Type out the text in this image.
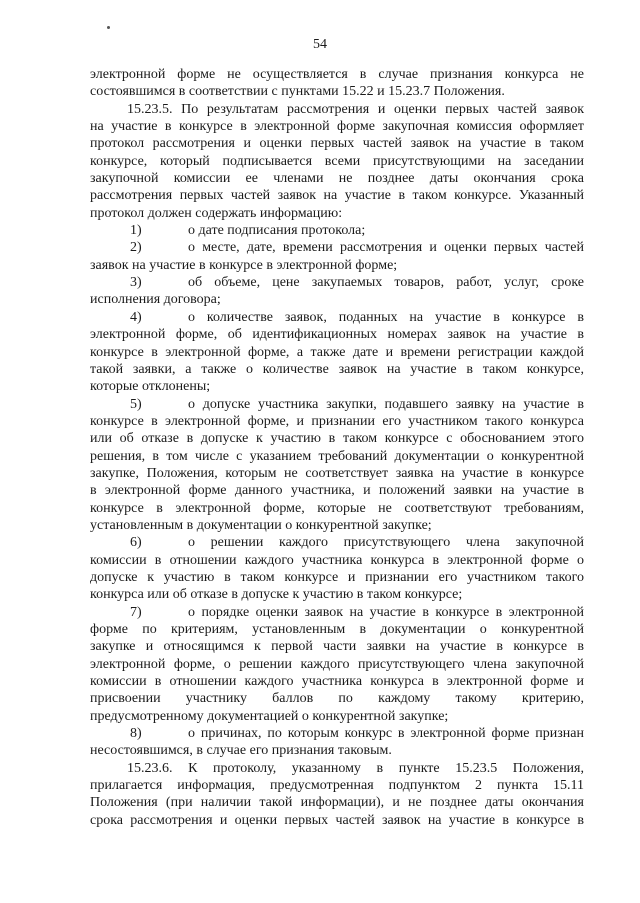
54
электронной форме не осуществляется в случае признания конкурса не
состоявшимся в соответствии с пунктами 15.22 и 15.23.7 Положения.
15.23.5. По результатам рассмотрения и оценки первых частей заявок
на участие в конкурсе в электронной форме закупочная комиссия оформляет
протокол рассмотрения и оценки первых частей заявок на участие в таком
конкурсе, который подписывается всеми присутствующими на заседании
закупочной комиссии ее членами не позднее даты окончания срока
рассмотрения первых частей заявок на участие в таком конкурсе. Указанный
протокол должен содержать информацию:
1)	о дате подписания протокола;
2)	о месте, дате, времени рассмотрения и оценки первых частей
заявок на участие в конкурсе в электронной форме;
3)	об объеме, цене закупаемых товаров, работ, услуг, сроке
исполнения договора;
4)	о количестве заявок, поданных на участие в конкурсе в
электронной форме, об идентификационных номерах заявок на участие в
конкурсе в электронной форме, а также дате и времени регистрации каждой
такой заявки, а также о количестве заявок на участие в таком конкурсе,
которые отклонены;
5)	о допуске участника закупки, подавшего заявку на участие в
конкурсе в электронной форме, и признании его участником такого конкурса
или об отказе в допуске к участию в таком конкурсе с обоснованием этого
решения, в том числе с указанием требований документации о конкурентной
закупке, Положения, которым не соответствует заявка на участие в конкурсе
в электронной форме данного участника, и положений заявки на участие в
конкурсе в электронной форме, которые не соответствуют требованиям,
установленным в документации о конкурентной закупке;
6)	о решении каждого присутствующего члена закупочной
комиссии в отношении каждого участника конкурса в электронной форме о
допуске к участию в таком конкурсе и признании его участником такого
конкурса или об отказе в допуске к участию в таком конкурсе;
7)	о порядке оценки заявок на участие в конкурсе в электронной
форме по критериям, установленным в документации о конкурентной
закупке и относящимся к первой части заявки на участие в конкурсе в
электронной форме, о решении каждого присутствующего члена закупочной
комиссии в отношении каждого участника конкурса в электронной форме и
присвоении участнику баллов по каждому такому критерию,
предусмотренному документацией о конкурентной закупке;
8)	о причинах, по которым конкурс в электронной форме признан
несостоявшимся, в случае его признания таковым.
15.23.6. К протоколу, указанному в пункте 15.23.5 Положения,
прилагается информация, предусмотренная подпунктом 2 пункта 15.11
Положения (при наличии такой информации), и не позднее даты окончания
срока рассмотрения и оценки первых частей заявок на участие в конкурсе в
